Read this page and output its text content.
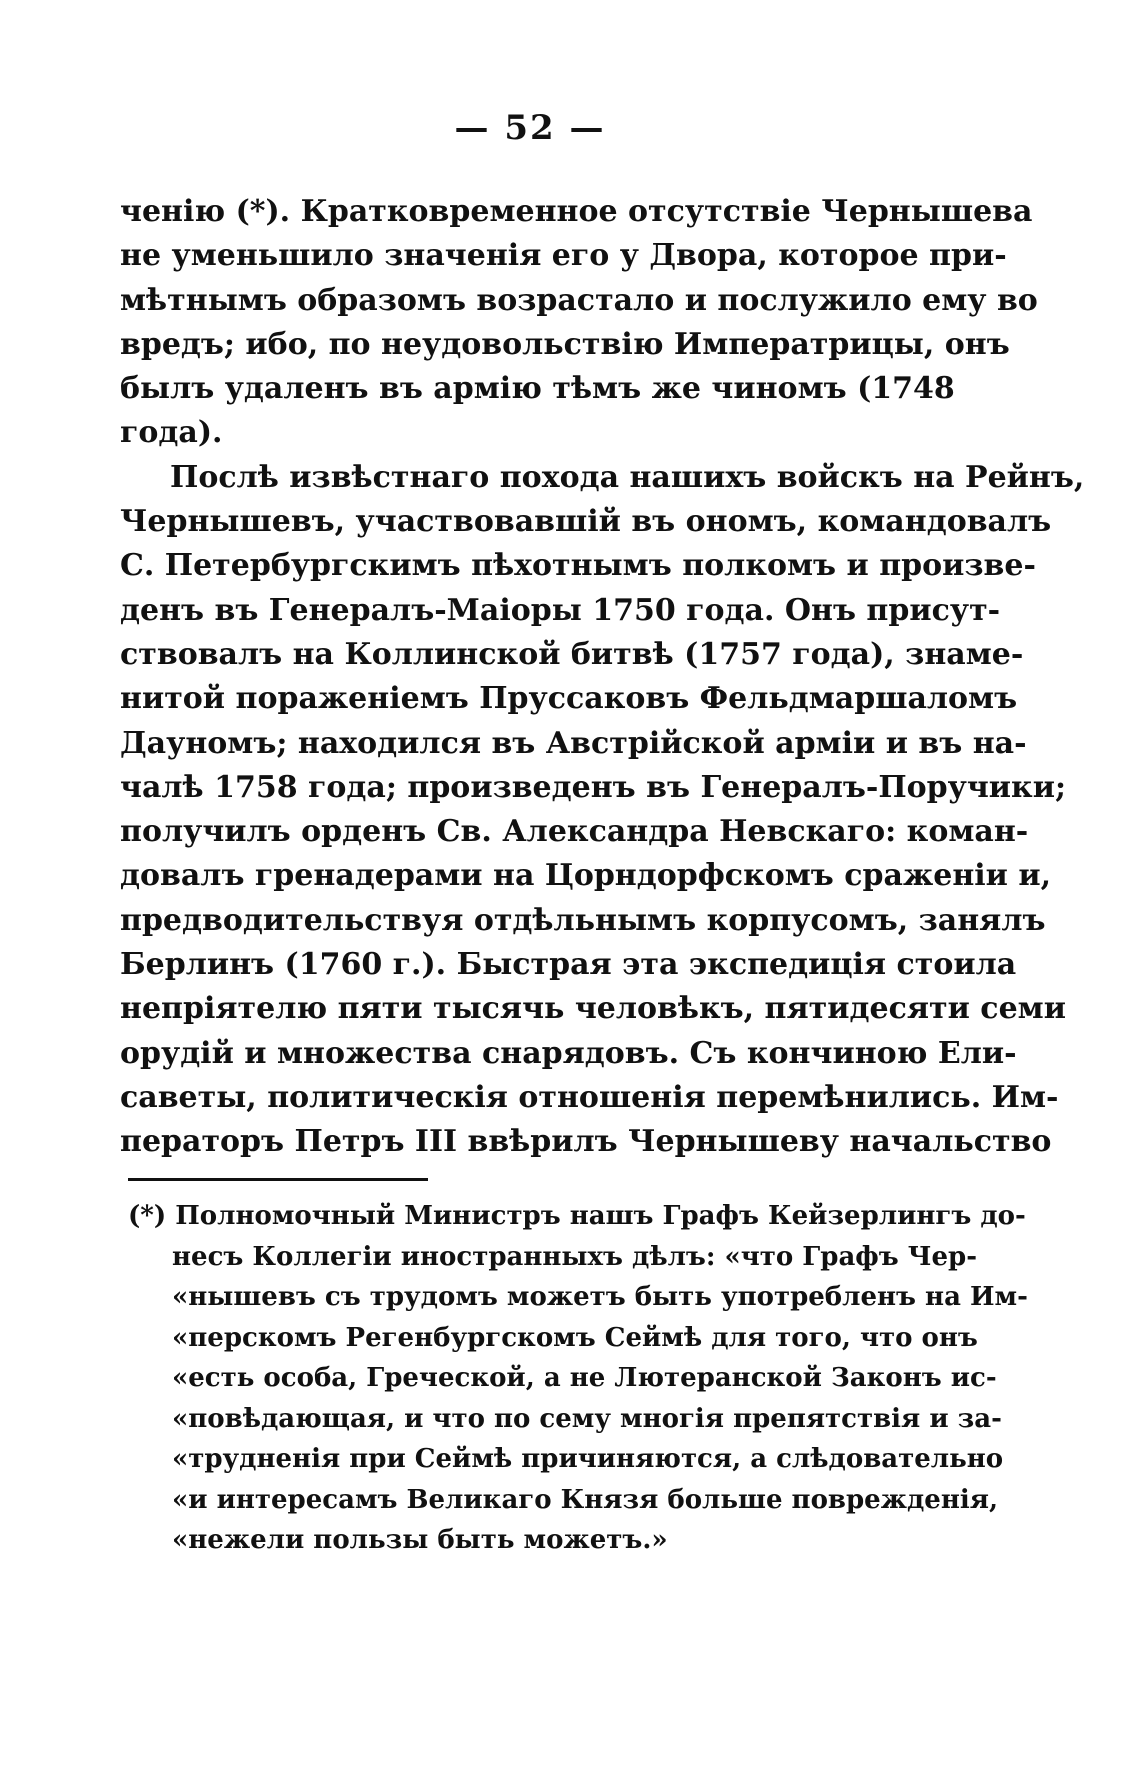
— 52 —
ченію (*). Кратковременное отсутствіе Чернышева
не уменьшило значенія его у Двора, которое при-
мѣтнымъ образомъ возрастало и послужило ему во
вредъ; ибо, по неудовольствію Императрицы, онъ
былъ удаленъ въ армію тѣмъ же чиномъ (1748
года).
Послѣ извѣстнаго похода нашихъ войскъ на Рейнъ,
Чернышевъ, участвовавшій въ ономъ, командовалъ
С. Петербургскимъ пѣхотнымъ полкомъ и произве-
денъ въ Генералъ-Маіоры 1750 года. Онъ присут-
ствовалъ на Коллинской битвѣ (1757 года), знаме-
нитой пораженіемъ Пруссаковъ Фельдмаршаломъ
Дауномъ; находился въ Австрійской арміи и въ на-
чалѣ 1758 года; произведенъ въ Генералъ-Поручики;
получилъ орденъ Св. Александра Невскаго: коман-
довалъ гренадерами на Цорндорфскомъ сраженіи и,
предводительствуя отдѣльнымъ корпусомъ, занялъ
Берлинъ (1760 г.). Быстрая эта экспедиція стоила
непріятелю пяти тысячь человѣкъ, пятидесяти семи
орудій и множества снарядовъ. Съ кончиною Ели-
саветы, политическія отношенія перемѣнились. Им-
ператоръ Петръ III ввѣрилъ Чернышеву начальство
(*) Полномочный Министръ нашъ Графъ Кейзерлингъ до-
несъ Коллегіи иностранныхъ дѣлъ: «что Графъ Чер-
«нышевъ съ трудомъ можетъ быть употребленъ на Им-
«перскомъ Регенбургскомъ Сеймѣ для того, что онъ
«есть особа, Греческой, а не Лютеранской Законъ ис-
«повѣдающая, и что по сему многія препятствія и за-
«трудненія при Сеймѣ причиняются, а слѣдовательно
«и интересамъ Великаго Князя больше поврежденія,
«нежели пользы быть можетъ.»
